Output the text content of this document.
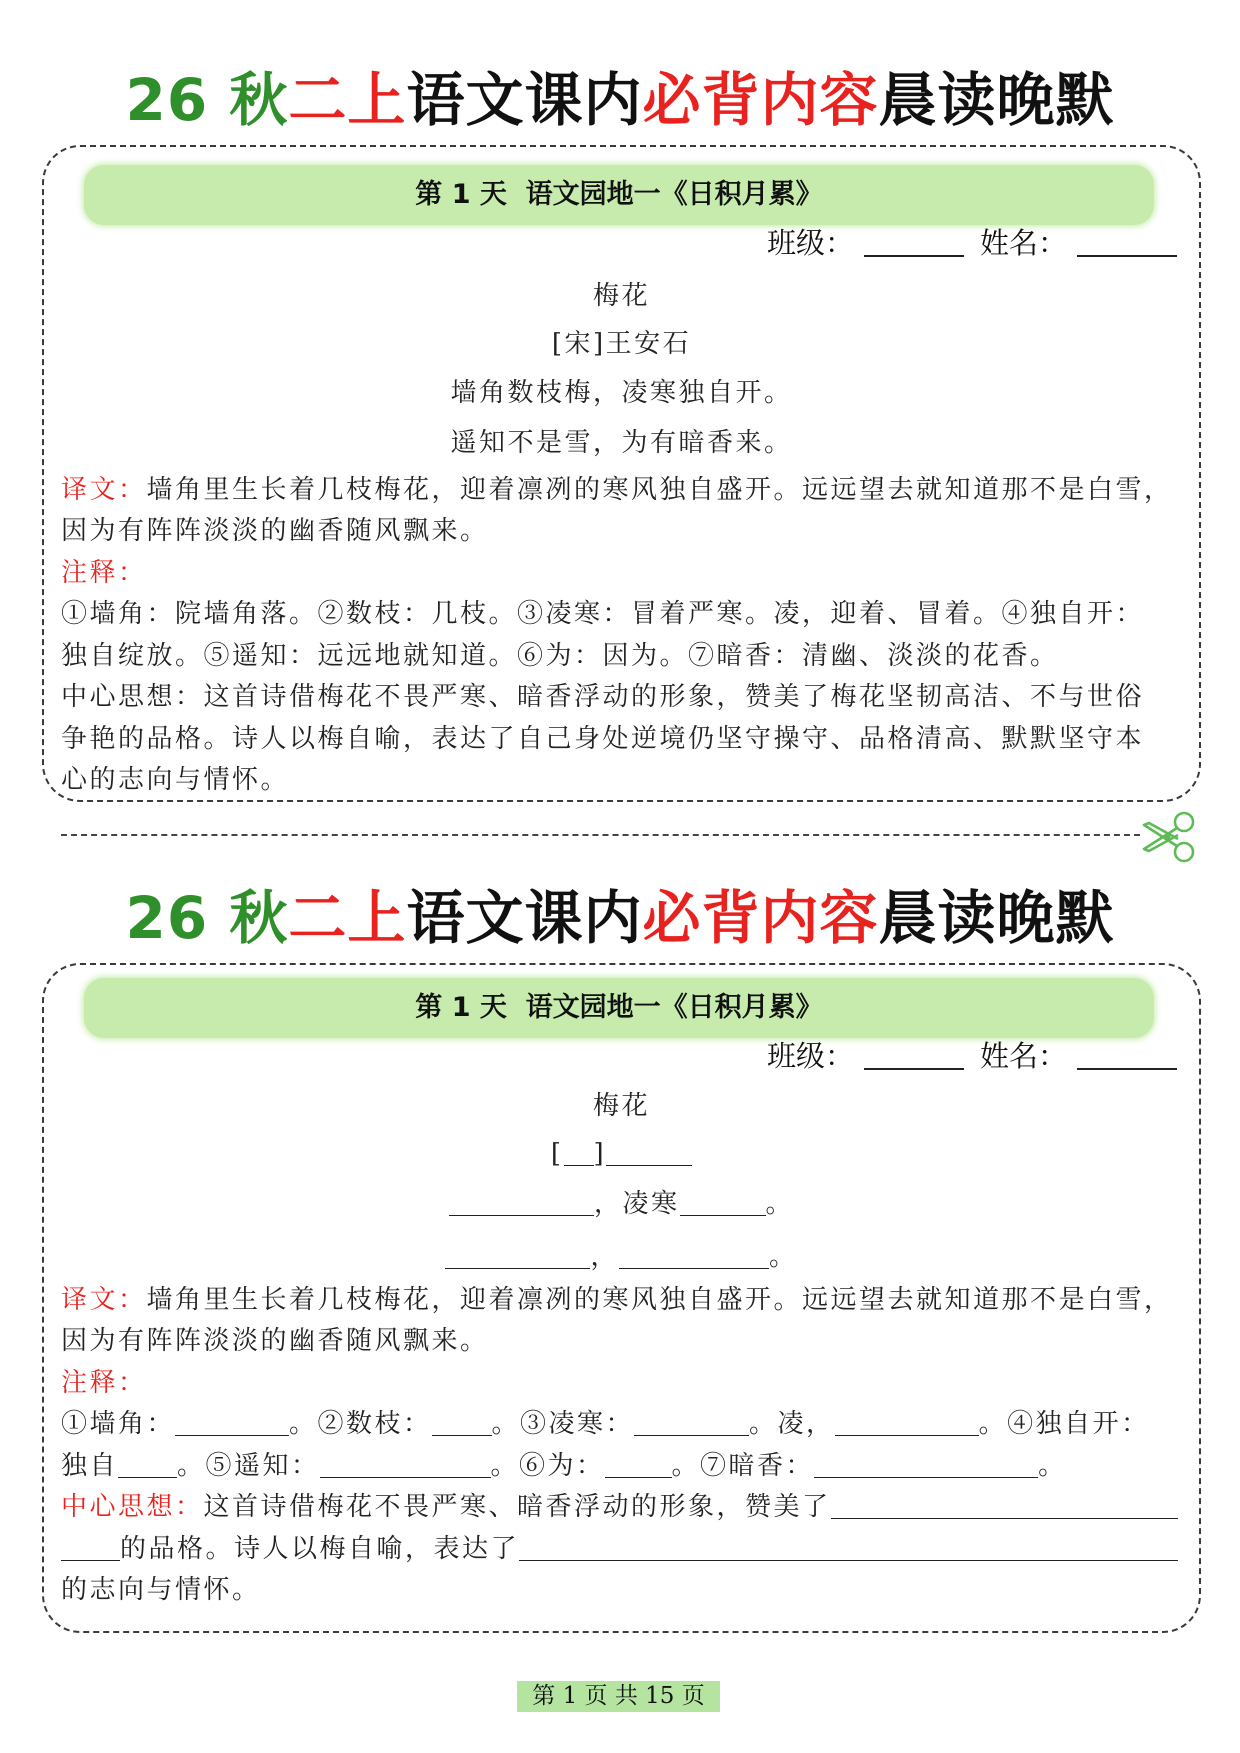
26 秋二上语文课内必背内容晨读晚默
第 1 天  语文园地一《日积月累》
班级：	姓名：
梅花
[宋]王安石
墙角数枝梅，凌寒独自开。
遥知不是雪，为有暗香来。
译文：墙角里生长着几枝梅花，迎着凛冽的寒风独自盛开。远远望去就知道那不是白雪，
因为有阵阵淡淡的幽香随风飘来。
注释：
①墙角：院墙角落。②数枝：几枝。③凌寒：冒着严寒。凌，迎着、冒着。④独自开：
独自绽放。⑤遥知：远远地就知道。⑥为：因为。⑦暗香：清幽、淡淡的花香。
中心思想：这首诗借梅花不畏严寒、暗香浮动的形象，赞美了梅花坚韧高洁、不与世俗
争艳的品格。诗人以梅自喻，表达了自己身处逆境仍坚守操守、品格清高、默默坚守本
心的志向与情怀。
26 秋二上语文课内必背内容晨读晚默
第 1 天  语文园地一《日积月累》
班级：	姓名：
梅花
[ ]
，凌寒	。
，	。
译文：墙角里生长着几枝梅花，迎着凛冽的寒风独自盛开。远远望去就知道那不是白雪，
因为有阵阵淡淡的幽香随风飘来。
注释：
①墙角：	。②数枝： 。③凌寒：	。凌，	。④独自开：
独自 。⑤遥知：	。⑥为：	。⑦暗香：	。
中心思想： 这首诗借梅花不畏严寒、暗香浮动的形象，赞美了
的品格。诗人以梅自喻，表达了
的志向与情怀。
第 1 页 共 15 页
